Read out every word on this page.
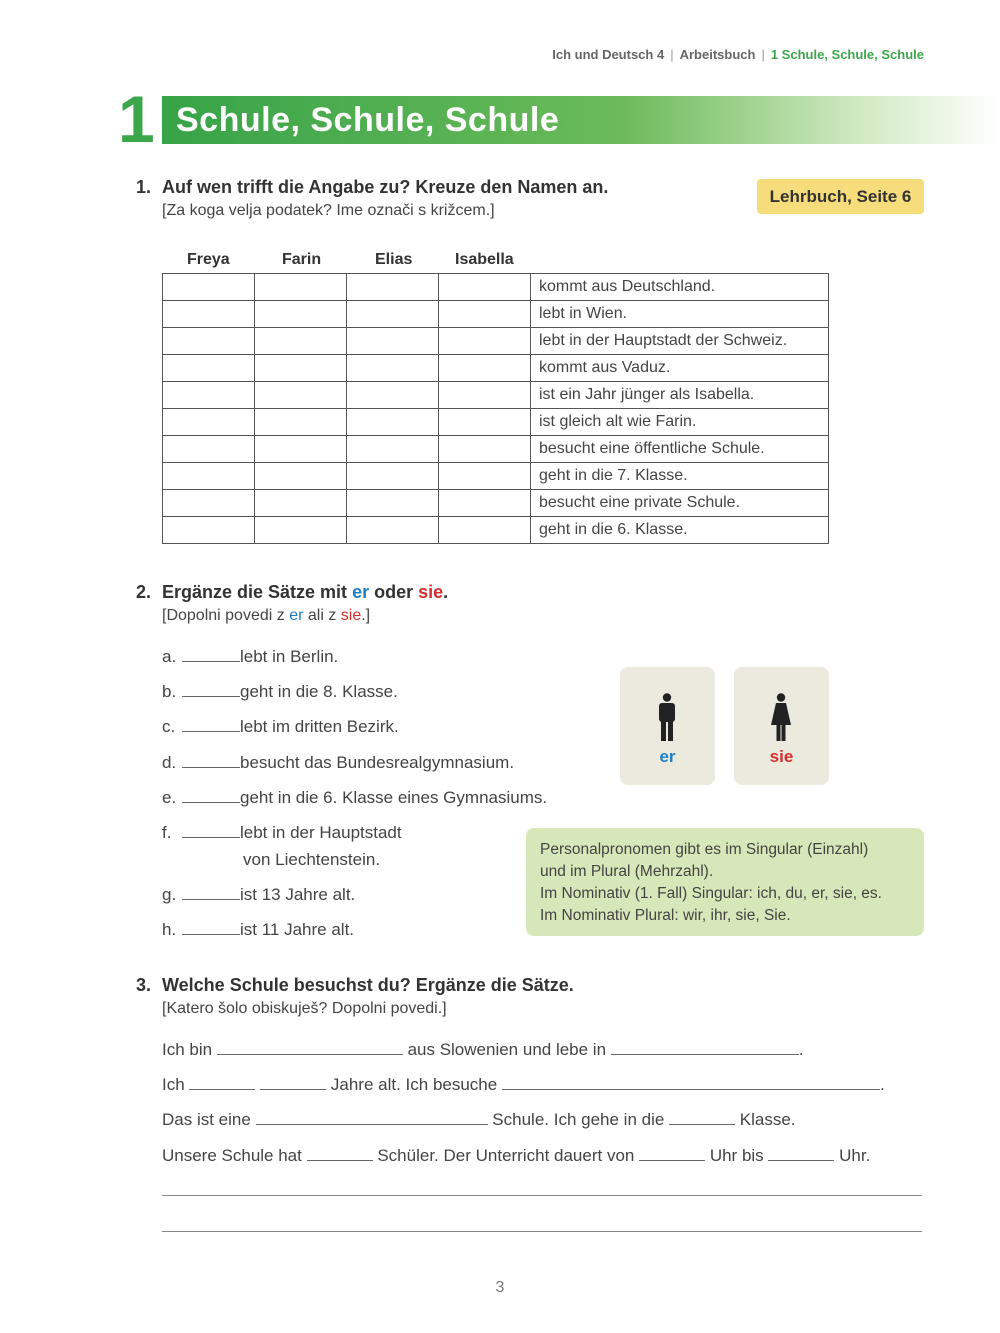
Ich und Deutsch 4 | Arbeitsbuch | 1 Schule, Schule, Schule
1 Schule, Schule, Schule
1. Auf wen trifft die Angabe zu? Kreuze den Namen an.
[Za koga velja podatek? Ime označi s križcem.]
Lehrbuch, Seite 6
Freya	Farin	Elias	Isabella
				kommt aus Deutschland.
				lebt in Wien.
				lebt in der Hauptstadt der Schweiz.
				kommt aus Vaduz.
				ist ein Jahr jünger als Isabella.
				ist gleich alt wie Farin.
				besucht eine öffentliche Schule.
				geht in die 7. Klasse.
				besucht eine private Schule.
				geht in die 6. Klasse.
2. Ergänze die Sätze mit er oder sie.
[Dopolni povedi z er ali z sie.]
a.	lebt in Berlin.
b.	geht in die 8. Klasse.
c.	lebt im dritten Bezirk.
d.	besucht das Bundesrealgymnasium.
e.	geht in die 6. Klasse eines Gymnasiums.
f.	lebt in der Hauptstadt
von Liechtenstein.
g.	ist 13 Jahre alt.
h.	ist 11 Jahre alt.
er	sie
Personalpronomen gibt es im Singular (Einzahl)
und im Plural (Mehrzahl).
Im Nominativ (1. Fall) Singular: ich, du, er, sie, es.
Im Nominativ Plural: wir, ihr, sie, Sie.
3. Welche Schule besuchst du? Ergänze die Sätze.
[Katero šolo obiskuješ? Dopolni povedi.]
Ich bin	aus Slowenien und lebe in	.
Ich	Jahre alt. Ich besuche	.
Das ist eine	Schule. Ich gehe in die	Klasse.
Unsere Schule hat	Schüler. Der Unterricht dauert von	Uhr bis	Uhr.
3
